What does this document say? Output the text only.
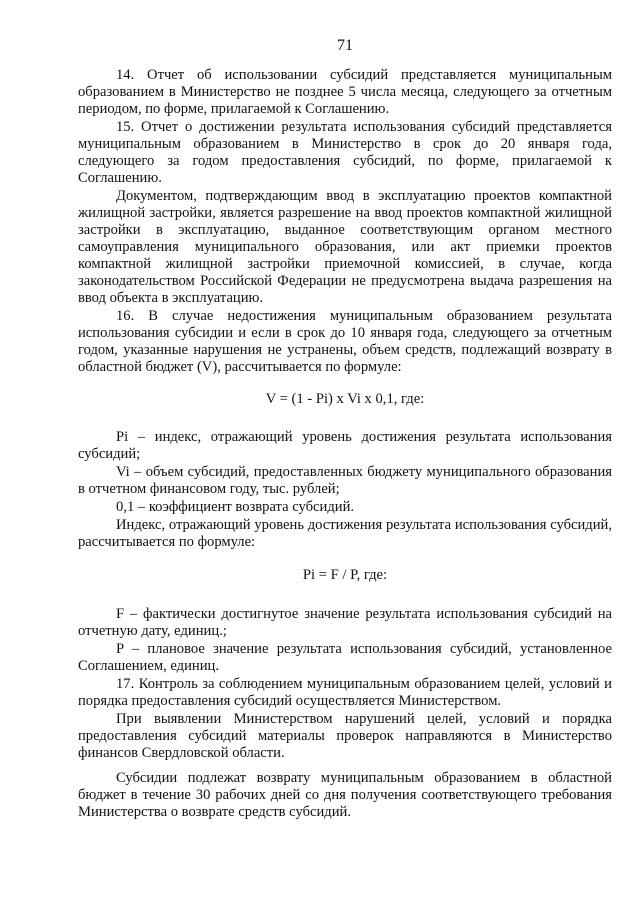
71

14. Отчет об использовании субсидий представляется муниципальным образованием в Министерство не позднее 5 числа месяца, следующего за отчетным периодом, по форме, прилагаемой к Соглашению.

15. Отчет о достижении результата использования субсидий представляется муниципальным образованием в Министерство в срок до 20 января года, следующего за годом предоставления субсидий, по форме, прилагаемой к Соглашению.

Документом, подтверждающим ввод в эксплуатацию проектов компактной жилищной застройки, является разрешение на ввод проектов компактной жилищной застройки в эксплуатацию, выданное соответствующим органом местного самоуправления муниципального образования, или акт приемки проектов компактной жилищной застройки приемочной комиссией, в случае, когда законодательством Российской Федерации не предусмотрена выдача разрешения на ввод объекта в эксплуатацию.

16. В случае недостижения муниципальным образованием результата использования субсидии и если в срок до 10 января года, следующего за отчетным годом, указанные нарушения не устранены, объем средств, подлежащий возврату в областной бюджет (V), рассчитывается по формуле:

V = (1 - Pi) x Vi x 0,1, где:

Pi – индекс, отражающий уровень достижения результата использования субсидий;

Vi – объем субсидий, предоставленных бюджету муниципального образования в отчетном финансовом году, тыс. рублей;

0,1 – коэффициент возврата субсидий.

Индекс, отражающий уровень достижения результата использования субсидий, рассчитывается по формуле:

Pi = F / P, где:

F – фактически достигнутое значение результата использования субсидий на отчетную дату, единиц.;

P – плановое значение результата использования субсидий, установленное Соглашением, единиц.

17. Контроль за соблюдением муниципальным образованием целей, условий и порядка предоставления субсидий осуществляется Министерством.

При выявлении Министерством нарушений целей, условий и порядка предоставления субсидий материалы проверок направляются в Министерство финансов Свердловской области.

Субсидии подлежат возврату муниципальным образованием в областной бюджет в течение 30 рабочих дней со дня получения соответствующего требования Министерства о возврате средств субсидий.
